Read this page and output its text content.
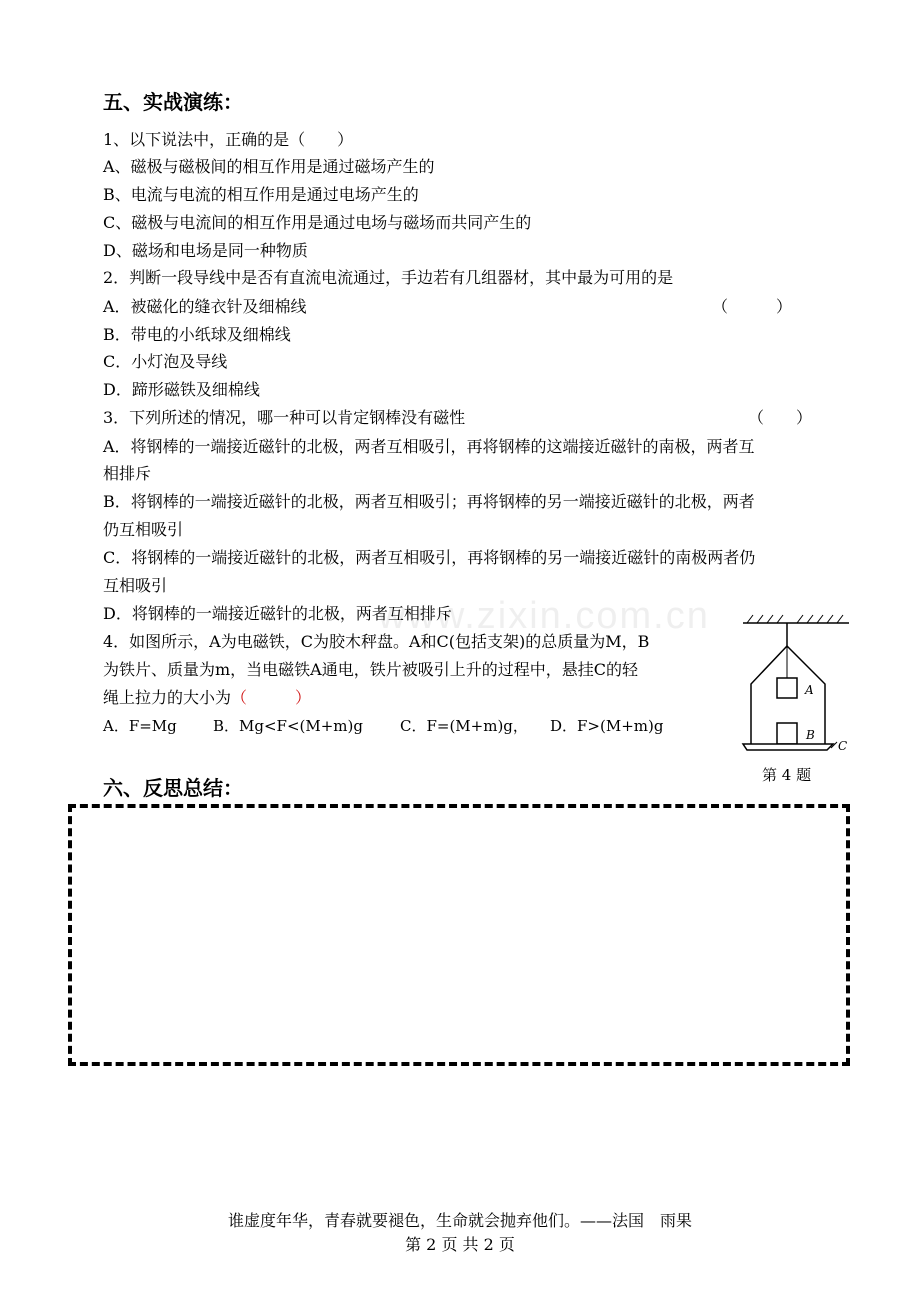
五、实战演练：
1、以下说法中，正确的是（　　）
A、磁极与磁极间的相互作用是通过磁场产生的
B、电流与电流的相互作用是通过电场产生的
C、磁极与电流间的相互作用是通过电场与磁场而共同产生的
D、磁场和电场是同一种物质
2．判断一段导线中是否有直流电流通过，手边若有几组器材，其中最为可用的是
A．被磁化的缝衣针及细棉线	（　　　）
B．带电的小纸球及细棉线
C．小灯泡及导线
D．蹄形磁铁及细棉线
3．下列所述的情况，哪一种可以肯定钢棒没有磁性	（　　）
A．将钢棒的一端接近磁针的北极，两者互相吸引，再将钢棒的这端接近磁针的南极，两者互
相排斥
B．将钢棒的一端接近磁针的北极，两者互相吸引；再将钢棒的另一端接近磁针的北极，两者
仍互相吸引
C．将钢棒的一端接近磁针的北极，两者互相吸引，再将钢棒的另一端接近磁针的南极两者仍
互相吸引
D．将钢棒的一端接近磁针的北极，两者互相排斥
www.zixin.com.cn
4．如图所示，A为电磁铁，C为胶木秤盘。A和C(包括支架)的总质量为M，B
为铁片、质量为m，当电磁铁A通电，铁片被吸引上升的过程中，悬挂C的轻
绳上拉力的大小为（　　　）
A．F=Mg B．Mg<F<(M+m)g C．F=(M+m)g， D．F>(M+m)g
A
B
C
第 4 题
六、反思总结：
谁虚度年华，青春就要褪色，生命就会抛弃他们。——法国　雨果
第 2 页 共 2 页
